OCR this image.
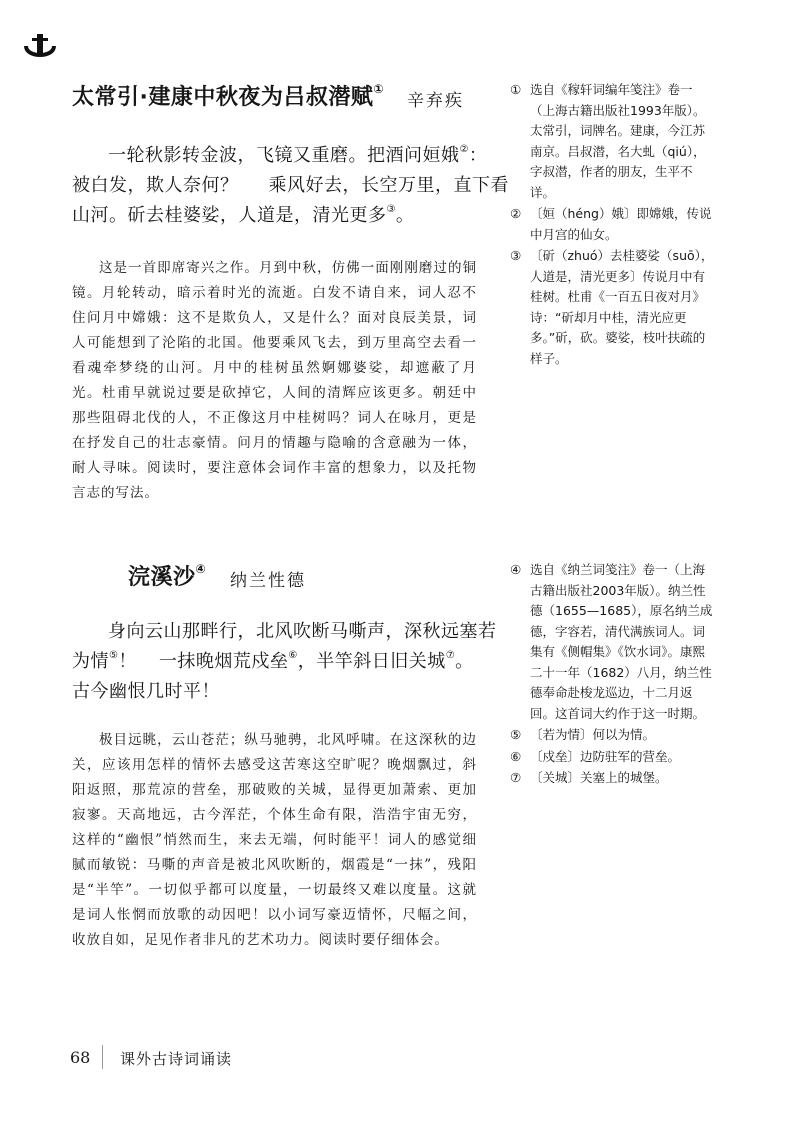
太常引·建康中秋夜为吕叔潜赋①
辛弃疾
一轮秋影转金波，飞镜又重磨。把酒问姮娥②：
被白发，欺人奈何？ 乘风好去，长空万里，直下看
山河。斫去桂婆娑，人道是，清光更多③。
这是一首即席寄兴之作。月到中秋，仿佛一面刚刚磨过的铜镜。月轮转动，暗示着时光的流逝。白发不请自来，词人忍不住问月中嫦娥：这不是欺负人，又是什么？面对良辰美景，词人可能想到了沦陷的北国。他要乘风飞去，到万里高空去看一看魂牵梦绕的山河。月中的桂树虽然婀娜婆娑，却遮蔽了月光。杜甫早就说过要是砍掉它，人间的清辉应该更多。朝廷中那些阻碍北伐的人，不正像这月中桂树吗？词人在咏月，更是在抒发自己的壮志豪情。问月的情趣与隐喻的含意融为一体，耐人寻味。阅读时，要注意体会词作丰富的想象力，以及托物言志的写法。
① 选自《稼轩词编年笺注》卷一（上海古籍出版社1993年版）。太常引，词牌名。建康，今江苏南京。吕叔潜，名大虬（qiú），字叔潜，作者的朋友，生平不详。
② 〔姮（héng）娥〕即嫦娥，传说中月宫的仙女。
③ 〔斫（zhuó）去桂婆娑（suō），人道是，清光更多〕传说月中有桂树。杜甫《一百五日夜对月》诗：“斫却月中桂，清光应更多。”斫，砍。婆娑，枝叶扶疏的样子。
浣溪沙④
纳兰性德
身向云山那畔行，北风吹断马嘶声，深秋远塞若
为情⑤！ 一抹晚烟荒戍垒⑥，半竿斜日旧关城⑦。
古今幽恨几时平！
极目远眺，云山苍茫；纵马驰骋，北风呼啸。在这深秋的边关，应该用怎样的情怀去感受这苦寒这空旷呢？晚烟飘过，斜阳返照，那荒凉的营垒，那破败的关城，显得更加萧索、更加寂寥。天高地远，古今浑茫，个体生命有限，浩浩宇宙无穷，这样的“幽恨”悄然而生，来去无端，何时能平！词人的感觉细腻而敏锐：马嘶的声音是被北风吹断的，烟霞是“一抹”，残阳是“半竿”。一切似乎都可以度量，一切最终又难以度量。这就是词人怅惘而放歌的动因吧！以小词写豪迈情怀，尺幅之间，收放自如，足见作者非凡的艺术功力。阅读时要仔细体会。
④ 选自《纳兰词笺注》卷一（上海古籍出版社2003年版）。纳兰性德（1655—1685），原名纳兰成德，字容若，清代满族词人。词集有《侧帽集》《饮水词》。康熙二十一年（1682）八月，纳兰性德奉命赴梭龙巡边，十二月返回。这首词大约作于这一时期。
⑤ 〔若为情〕何以为情。
⑥ 〔戍垒〕边防驻军的营垒。
⑦ 〔关城〕关塞上的城堡。
68 课外古诗词诵读
